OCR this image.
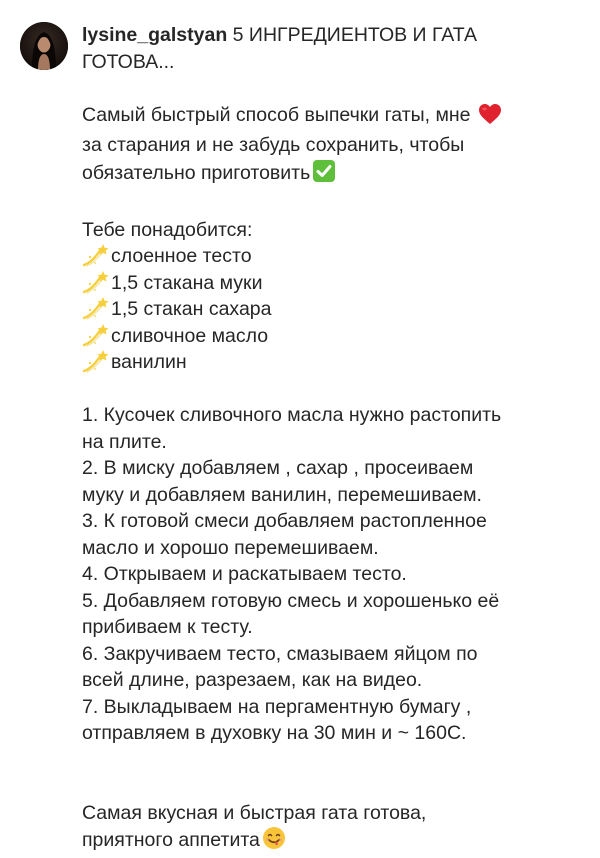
lysine_galstyan 5 ИНГРЕДИЕНТОВ И ГАТА
ГОТОВА...
Самый быстрый способ выпечки гаты, мне
за старания и не забудь сохранить, чтобы
обязательно приготовить
Тебе понадобится:
слоенное тесто
1,5 стакана муки
1,5 стакан сахара
сливочное масло
ванилин
1. Кусочек сливочного масла нужно растопить
на плите.
2. В миску добавляем , сахар , просеиваем
муку и добавляем ванилин, перемешиваем.
3. К готовой смеси добавляем растопленное
масло и хорошо перемешиваем.
4. Открываем и раскатываем тесто.
5. Добавляем готовую смесь и хорошенько её
прибиваем к тесту.
6. Закручиваем тесто, смазываем яйцом по
всей длине, разрезаем, как на видео.
7. Выкладываем на пергаментную бумагу ,
отправляем в духовку на 30 мин и ~ 160C.
Самая вкусная и быстрая гата готова,
приятного аппетита
